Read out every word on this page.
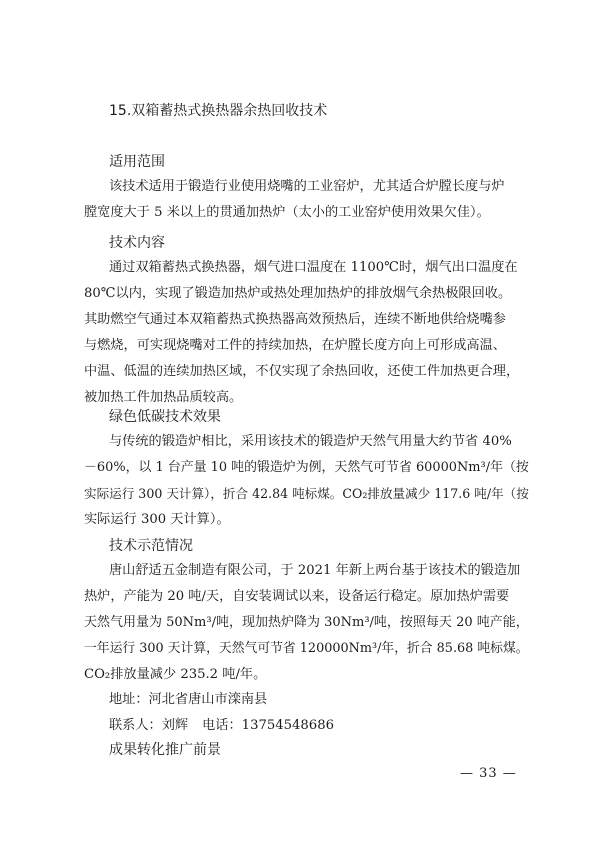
15.双箱蓄热式换热器余热回收技术
适用范围
该技术适用于锻造行业使用烧嘴的工业窑炉，尤其适合炉膛长度与炉
膛宽度大于 5 米以上的贯通加热炉（太小的工业窑炉使用效果欠佳）。
技术内容
通过双箱蓄热式换热器，烟气进口温度在 1100℃时，烟气出口温度在
80℃以内，实现了锻造加热炉或热处理加热炉的排放烟气余热极限回收。
其助燃空气通过本双箱蓄热式换热器高效预热后，连续不断地供给烧嘴参
与燃烧，可实现烧嘴对工件的持续加热，在炉膛长度方向上可形成高温、
中温、低温的连续加热区域，不仅实现了余热回收，还使工件加热更合理，
被加热工件加热品质较高。
绿色低碳技术效果
与传统的锻造炉相比，采用该技术的锻造炉天然气用量大约节省 40%
－60%，以 1 台产量 10 吨的锻造炉为例，天然气可节省 60000Nm³/年（按
实际运行 300 天计算），折合 42.84 吨标煤。CO₂排放量减少 117.6 吨/年（按
实际运行 300 天计算）。
技术示范情况
唐山舒适五金制造有限公司，于 2021 年新上两台基于该技术的锻造加
热炉，产能为 20 吨/天，自安装调试以来，设备运行稳定。原加热炉需要
天然气用量为 50Nm³/吨，现加热炉降为 30Nm³/吨，按照每天 20 吨产能，
一年运行 300 天计算，天然气可节省 120000Nm³/年，折合 85.68 吨标煤。
CO₂排放量减少 235.2 吨/年。
地址：河北省唐山市滦南县
联系人：刘辉 电话：13754548686
成果转化推广前景
— 33 —
